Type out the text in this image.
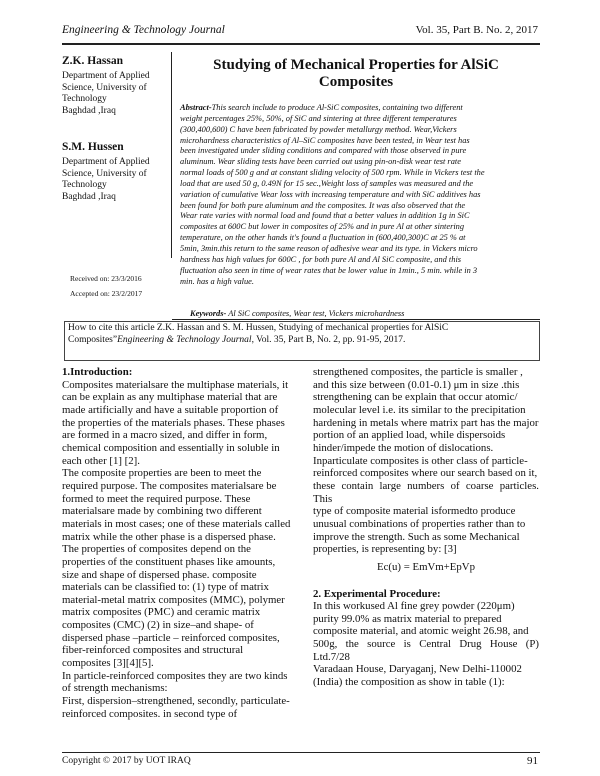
Engineering & Technology Journal	Vol. 35, Part B. No. 2, 2017
Z.K. Hassan
Department of Applied
Science, University of
Technology
Baghdad ,Iraq
S.M. Hussen
Department of Applied
Science, University of
Technology
Baghdad ,Iraq
Received on: 23/3/2016
Accepted on: 23/2/2017
Studying of Mechanical Properties for AlSiC
Composites
Abstract-This search include to produce Al-SiC composites, containing two different
weight percentages 25%, 50%, of SiC and sintering at three different temperatures
(300,400,600) C have been fabricated by powder metallurgy method. Wear,Vickers
microhardness characteristics of Al–SiC composites have been tested, in Wear test has
been investigated under sliding conditions and compared with those observed in pure
aluminum. Wear sliding tests have been carried out using pin-on-disk wear test rate
normal loads of 500 g and at constant sliding velocity of 500 rpm. While in Vickers test the
load that are used 50 g, 0.49N for 15 sec.,Weight loss of samples was measured and the
variation of cumulative Wear loss with increasing temperature and with SiC additives has
been found for both pure aluminum and the composites. It was also observed that the
Wear rate varies with normal load and found that a better values in addition 1g in SiC
composites at 600C but lower in composites of 25% and in pure Al at other sintering
temperature, on the other hands it's found a fluctuation in (600,400,300)C at 25 % at
5min, 3min.this return to the same reason of adhesive wear and its type. in Vickers micro
hardness has high values for 600C , for both pure Al and Al SiC composite, and this
fluctuation also seen in time of wear rates that be lower value in 1min., 5 min. while in 3
min. has a high value.
Keywords- Al SiC composites, Wear test, Vickers microhardness
How to cite this article Z.K. Hassan and S. M. Hussen, Studying of mechanical properties for AlSiC
Composites”Engineering & Technology Journal, Vol. 35, Part B, No. 2, pp. 91-95, 2017.
1.Introduction:
Composites materialsare the multiphase materials, it
can be explain as any multiphase material that are
made artificially and have a suitable proportion of
the properties of the materials phases. These phases
are formed in a macro sized, and differ in form,
chemical composition and essentially in soluble in
each other [1] [2].
The composite properties are been to meet the
required purpose. The composites materialsare be
formed to meet the required purpose. These
materialsare made by combining two different
materials in most cases; one of these materials called
matrix while the other phase is a dispersed phase.
The properties of composites depend on the
properties of the constituent phases like amounts,
size and shape of dispersed phase. composite
materials can be classified to: (1) type of matrix
material-metal matrix composites (MMC), polymer
matrix composites (PMC) and ceramic matrix
composites (CMC) (2) in size–and shape- of
dispersed phase –particle – reinforced composites,
fiber-reinforced composites and structural
composites [3][4][5].
In particle-reinforced composites they are two kinds
of strength mechanisms:
First, dispersion–strengthened, secondly, particulate-
reinforced composites. in second type of
strengthened composites, the particle is smaller ,
and this size between (0.01-0.1) μm in size .this
strengthening can be explain that occur atomic/
molecular level i.e. its similar to the precipitation
hardening in metals where matrix part has the major
portion of an applied load, while dispersoids
hinder/impede the motion of dislocations.
Inparticulate composites is other class of particle-
reinforced composites where our search based on it,
these contain large numbers of coarse particles. This
type of composite material isformedto produce
unusual combinations of properties rather than to
improve the strength. Such as some Mechanical
properties, is representing by: [3]
Ec(u) = EmVm+EpVp
2. Experimental Procedure:
In this workused Al fine grey powder (220μm)
purity 99.0% as matrix material to prepared
composite material, and atomic weight 26.98, and
500g, the source is Central Drug House (P) Ltd.7/28
Varadaan House, Daryaganj, New Delhi-110002
(India) the composition as show in table (1):
Copyright © 2017 by UOT IRAQ	91
